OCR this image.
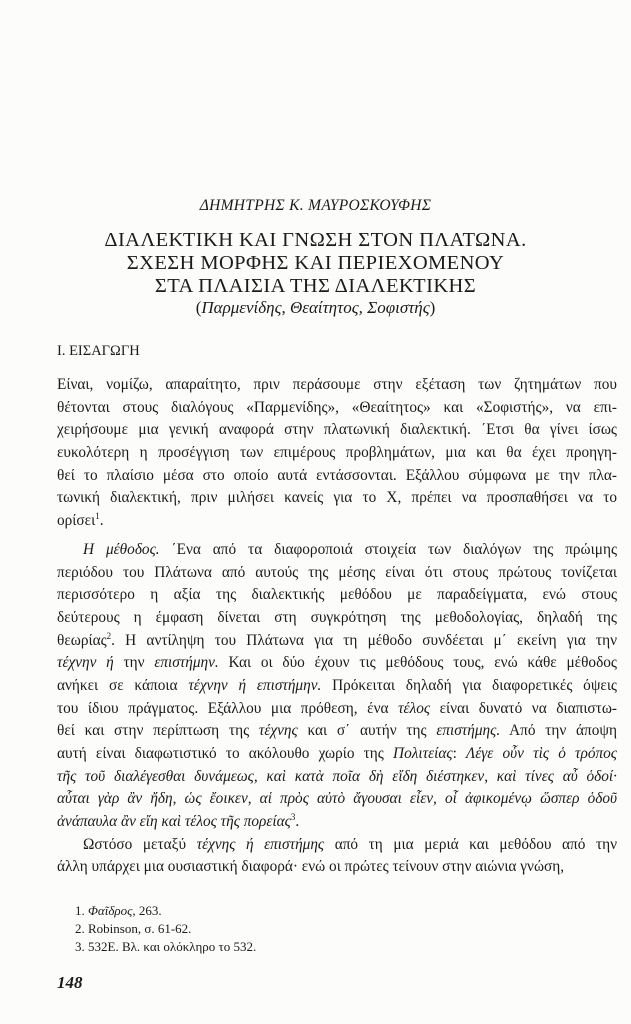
ΔΗΜΗΤΡΗΣ Κ. ΜΑΥΡΟΣΚΟΥΦΗΣ
ΔΙΑΛΕΚΤΙΚΗ ΚΑΙ ΓΝΩΣΗ ΣΤΟΝ ΠΛΑΤΩΝΑ.
ΣΧΕΣΗ ΜΟΡΦΗΣ ΚΑΙ ΠΕΡΙΕΧΟΜΕΝΟΥ
ΣΤΑ ΠΛΑΙΣΙΑ ΤΗΣ ΔΙΑΛΕΚΤΙΚΗΣ
(Παρμενίδης, Θεαίτητος, Σοφιστής)
Ι. ΕΙΣΑΓΩΓΗ
Είναι, νομίζω, απαραίτητο, πριν περάσουμε στην εξέταση των ζητημάτων που
θέτονται στους διαλόγους «Παρμενίδης», «Θεαίτητος» και «Σοφιστής», να επι-
χειρήσουμε μια γενική αναφορά στην πλατωνική διαλεκτική. ΄Ετσι θα γίνει ίσως
ευκολότερη η προσέγγιση των επιμέρους προβλημάτων, μια και θα έχει προηγη-
θεί το πλαίσιο μέσα στο οποίο αυτά εντάσσονται. Εξάλλου σύμφωνα με την πλα-
τωνική διαλεκτική, πριν μιλήσει κανείς για το Χ, πρέπει να προσπαθήσει να το
ορίσει$^1$.
Η μέθοδος. ΄Ενα από τα διαφοροποιά στοιχεία των διαλόγων της πρώιμης
περιόδου του Πλάτωνα από αυτούς της μέσης είναι ότι στους πρώτους τονίζεται
περισσότερο η αξία της διαλεκτικής μεθόδου με παραδείγματα, ενώ στους
δεύτερους η έμφαση δίνεται στη συγκρότηση της μεθοδολογίας, δηλαδή της
θεωρίας$^2$. Η αντίληψη του Πλάτωνα για τη μέθοδο συνδέεται μ΄ εκείνη για την
τέχνην ή την επιστήμην. Και οι δύο έχουν τις μεθόδους τους, ενώ κάθε μέθοδος
ανήκει σε κάποια τέχνην ή επιστήμην. Πρόκειται δηλαδή για διαφορετικές όψεις
του ίδιου πράγματος. Εξάλλου μια πρόθεση, ένα τέλος είναι δυνατό να διαπιστω-
θεί και στην περίπτωση της τέχνης και σ΄ αυτήν της επιστήμης. Από την άποψη
αυτή είναι διαφωτιστικό το ακόλουθο χωρίο της Πολιτείας: Λέγε οὖν τὶς ὁ τρόπος
τῆς τοῦ διαλέγεσθαι δυνάμεως, καὶ κατὰ ποῖα δὴ εἴδη διέστηκεν, καὶ τίνες αὖ ὁδοί·
αὗται γὰρ ἂν ἤδη, ὡς ἔοικεν, αἱ πρὸς αὐτὸ ἄγουσαι εἶεν, οἷ ἀφικομένῳ ὥσπερ ὁδοῦ
ἀνάπαυλα ἂν εἴη καὶ τέλος τῆς πορείας$^3$.
Ωστόσο μεταξύ τέχνης ή επιστήμης από τη μια μεριά και μεθόδου από την
άλλη υπάρχει μια ουσιαστική διαφορά· ενώ οι πρώτες τείνουν στην αιώνια γνώση,
1. Φαῖδρος, 263.
2. Robinson, σ. 61-62.
3. 532Ε. Βλ. και ολόκληρο το 532.
148
